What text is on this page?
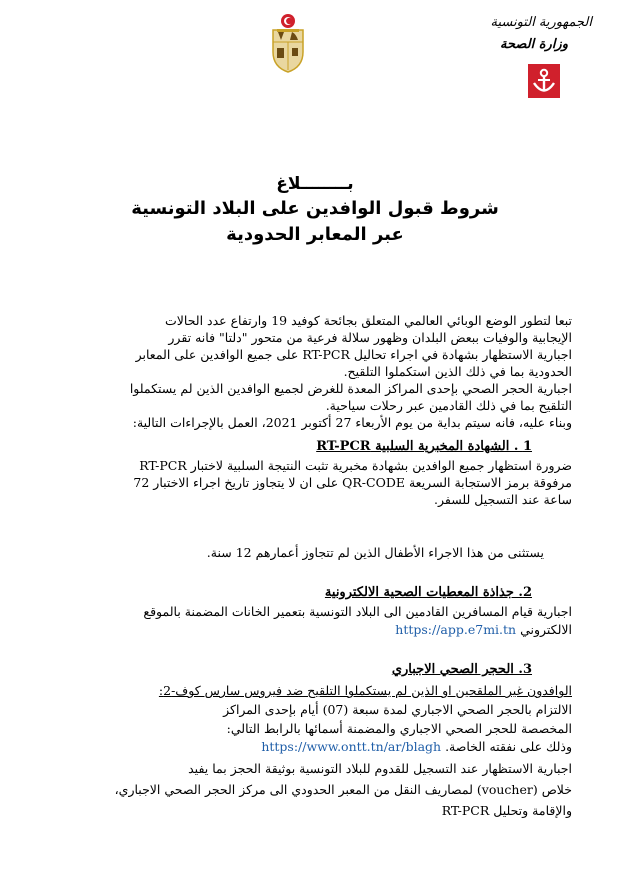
الجمهورية التونسية
وزارة الصحة
بــــــــلاغ
شروط قبول الوافدين على البلاد التونسية
عبر المعابر الحدودية
تبعا لتطور الوضع الوبائي العالمي المتعلق بجائحة كوفيد 19 وارتفاع عدد الحالات
الإيجابية والوفيات ببعض البلدان وظهور سلالة فرعية من متحور "دلتا" فانه تقرر
اجبارية الاستظهار بشهادة في اجراء تحاليل RT-PCR على جميع الوافدين على المعابر
الحدودية بما في ذلك الذين استكملوا التلقيح.
اجبارية الحجر الصحي بإحدى المراكز المعدة للغرض لجميع الوافدين الذين لم يستكملوا
التلقيح بما في ذلك القادمين عبر رحلات سياحية.
وبناء عليه، فانه سيتم بداية من يوم الأربعاء 27 أكتوبر 2021، العمل بالإجراءات التالية:
1 . الشهادة المخبرية السلبية RT-PCR
ضرورة استظهار جميع الوافدين بشهادة مخبرية تثبت النتيجة السلبية لاختبار RT-PCR
مرفوقة برمز الاستجابة السريعة QR-CODE على ان لا يتجاوز تاريخ اجراء الاختبار 72
ساعة عند التسجيل للسفر.
يستثنى من هذا الاجراء الأطفال الذين لم تتجاوز أعمارهم 12 سنة.
2. جذاذة المعطيات الصحية الالكترونية
اجبارية قيام المسافرين القادمين الى البلاد التونسية بتعمير الخانات المضمنة بالموقع
الالكتروني https://app.e7mi.tn
3. الحجر الصحي الاجباري
الوافدون غير الملقحين او الذين لم يستكملوا التلقيح ضد فيروس سارس كوف-2:
الالتزام بالحجر الصحي الاجباري لمدة سبعة (07) أيام بإحدى المراكز
المخصصة للحجر الصحي الاجباري والمضمنة أسمائها بالرابط التالي:
وذلك على نفقته الخاصة. https://www.ontt.tn/ar/blagh
اجبارية الاستظهار عند التسجيل للقدوم للبلاد التونسية بوثيقة الحجز بما يفيد
خلاص (voucher) لمصاريف النقل من المعبر الحدودي الى مركز الحجر الصحي الاجباري،
والإقامة وتحليل RT-PCR
